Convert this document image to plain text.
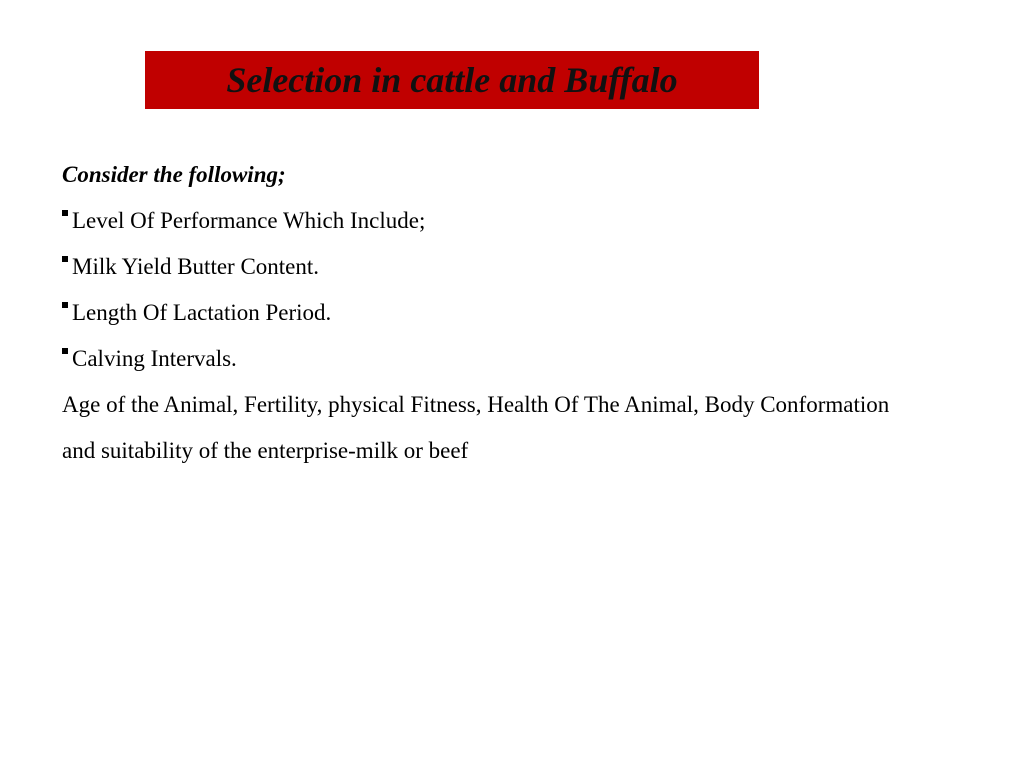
Selection in cattle and Buffalo
Consider the following;
Level Of Performance Which Include;
Milk Yield Butter Content.
Length Of Lactation Period.
Calving Intervals.
Age of the Animal, Fertility, physical Fitness, Health Of The Animal, Body Conformation
and suitability of the enterprise-milk or beef
